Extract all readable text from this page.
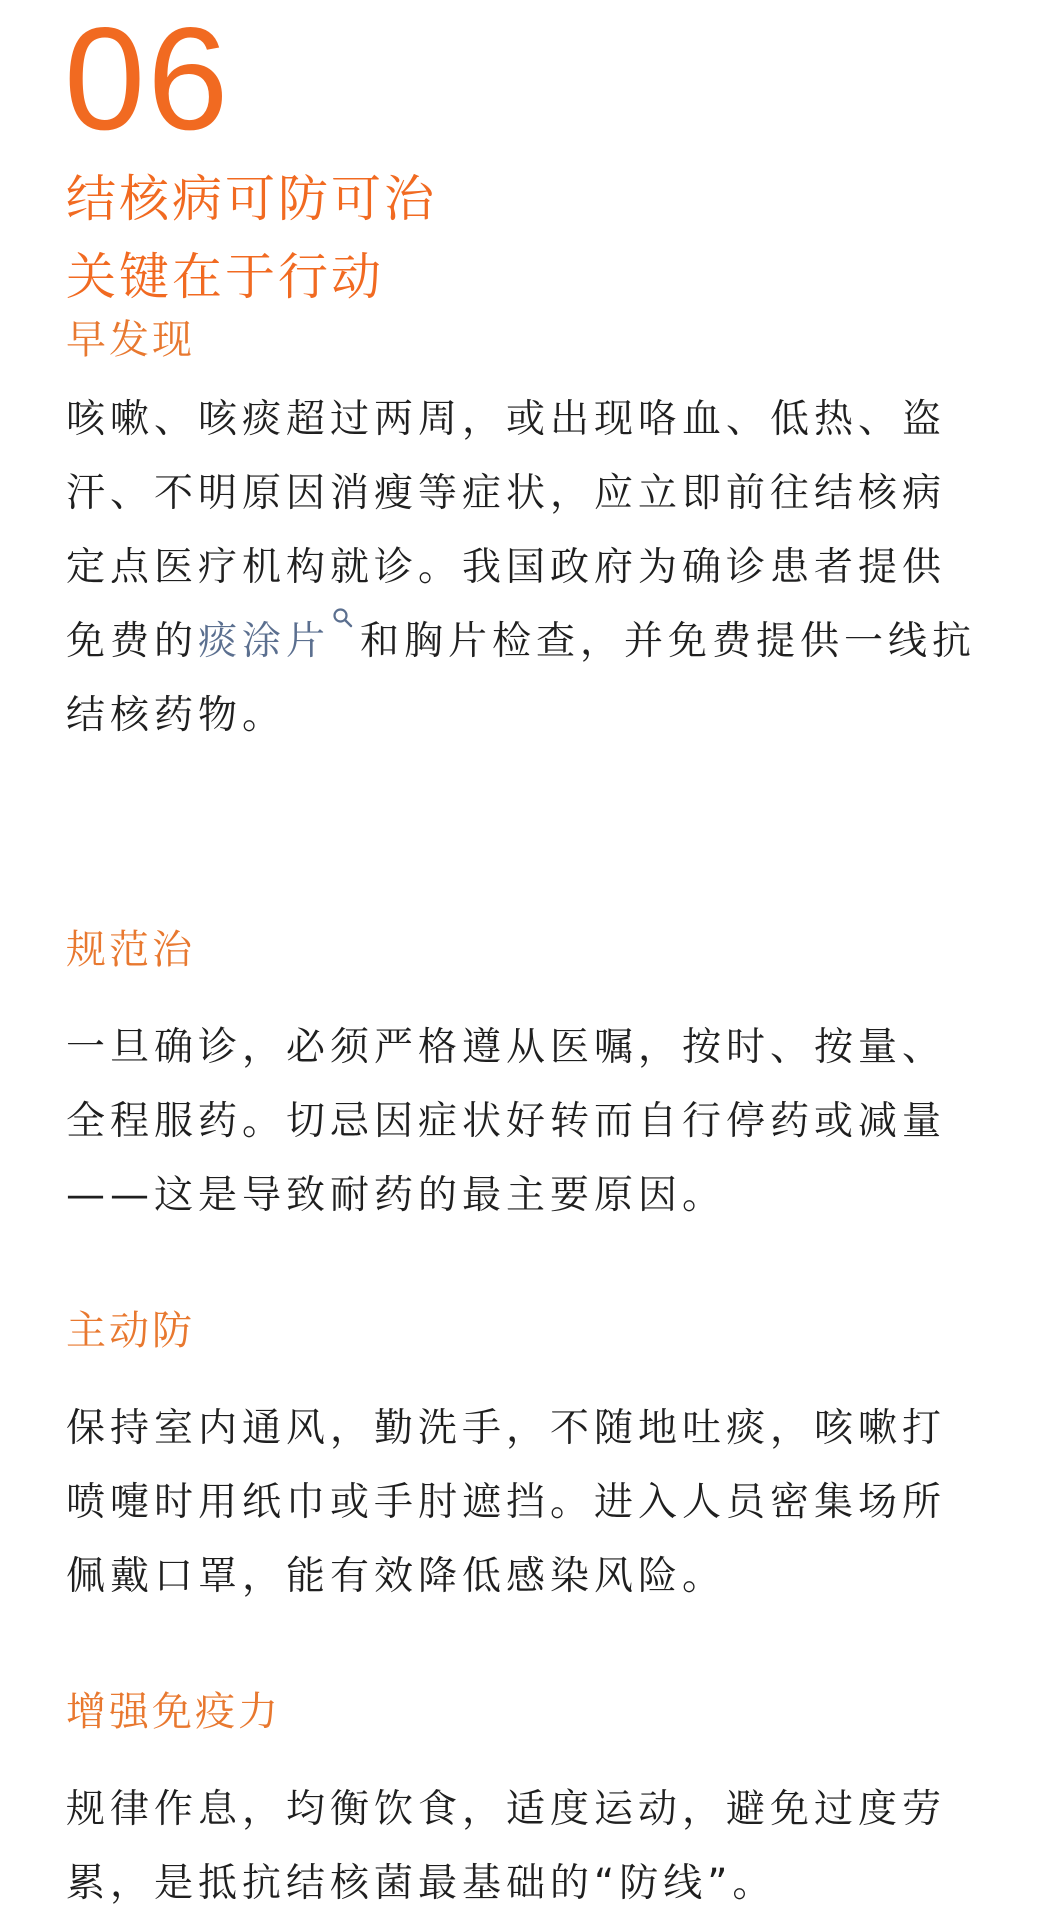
06
结核病可防可治
关键在于行动
早发现
咳嗽、咳痰超过两周，或出现咯血、低热、盗
汗、不明原因消瘦等症状，应立即前往结核病
定点医疗机构就诊。我国政府为确诊患者提供
免费的痰涂片 和胸片检查，并免费提供一线抗
结核药物。
规范治
一旦确诊，必须严格遵从医嘱，按时、按量、
全程服药。切忌因症状好转而自行停药或减量
——这是导致耐药的最主要原因。
主动防
保持室内通风，勤洗手，不随地吐痰，咳嗽打
喷嚏时用纸巾或手肘遮挡。进入人员密集场所
佩戴口罩，能有效降低感染风险。
增强免疫力
规律作息，均衡饮食，适度运动，避免过度劳
累，是抵抗结核菌最基础的“防线”。
